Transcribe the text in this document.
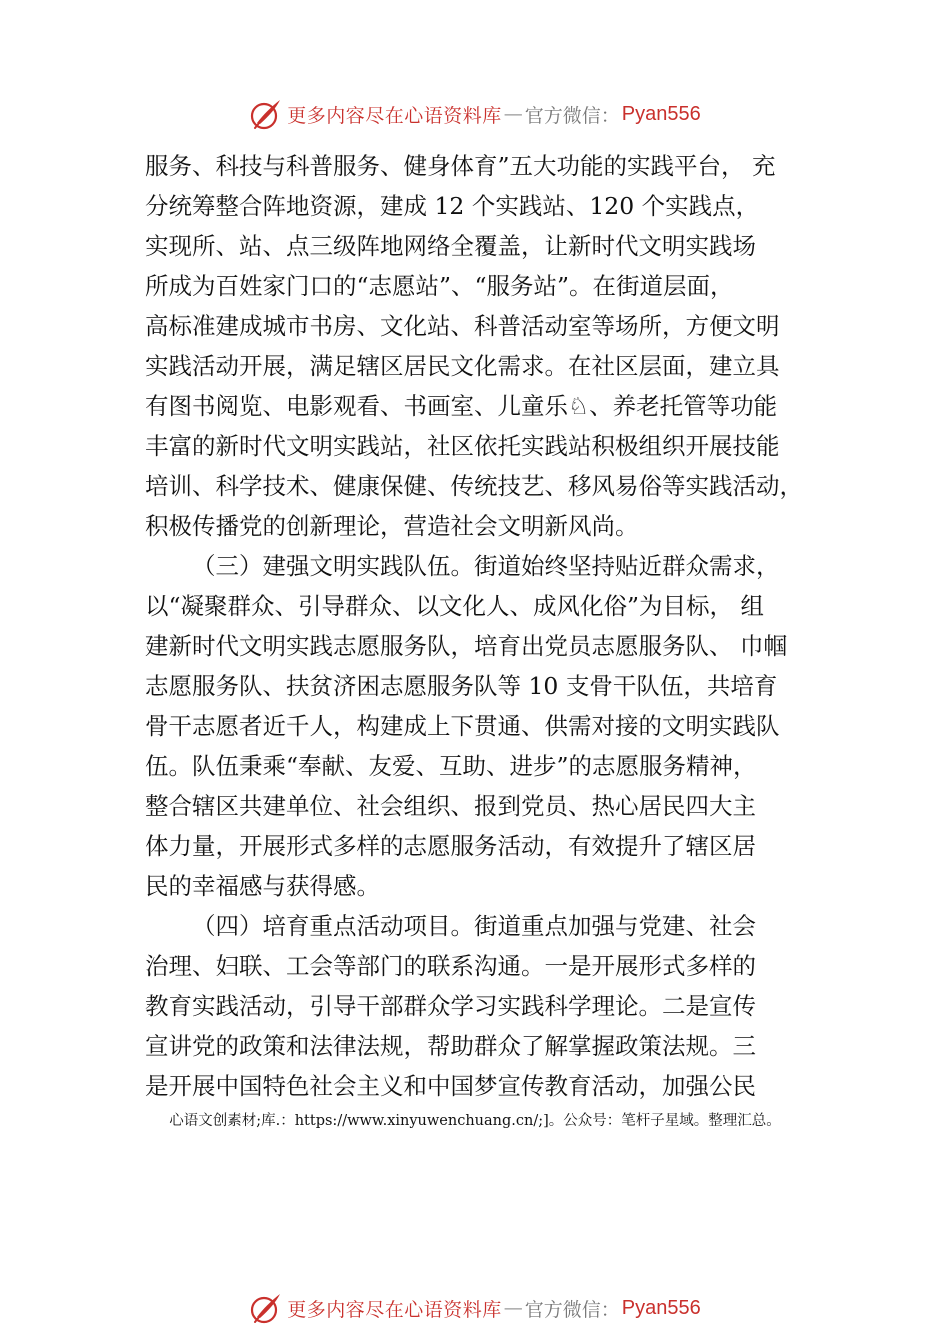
更多内容尽在心语资料库 — 官方微信： Pyan556
服务、科技与科普服务、健身体育”五大功能的实践平台， 充
分统筹整合阵地资源，建成 12 个实践站、120 个实践点，
实现所、站、点三级阵地网络全覆盖，让新时代文明实践场
所成为百姓家门口的“志愿站”、“服务站”。在街道层面，
高标准建成城市书房、文化站、科普活动室等场所，方便文明
实践活动开展，满足辖区居民文化需求。在社区层面，建立具
有图书阅览、电影观看、书画室、儿童乐♘、养老托管等功能
丰富的新时代文明实践站，社区依托实践站积极组织开展技能
培训、科学技术、健康保健、传统技艺、移风易俗等实践活动，
积极传播党的创新理论，营造社会文明新风尚。
（三）建强文明实践队伍。街道始终坚持贴近群众需求，
以“凝聚群众、引导群众、以文化人、成风化俗”为目标， 组
建新时代文明实践志愿服务队，培育出党员志愿服务队、 巾帼
志愿服务队、扶贫济困志愿服务队等 10 支骨干队伍，共培育
骨干志愿者近千人，构建成上下贯通、供需对接的文明实践队
伍。队伍秉乘“奉献、友爱、互助、进步”的志愿服务精神，
整合辖区共建单位、社会组织、报到党员、热心居民四大主
体力量，开展形式多样的志愿服务活动，有效提升了辖区居
民的幸福感与获得感。
（四）培育重点活动项目。街道重点加强与党建、社会
治理、妇联、工会等部门的联系沟通。一是开展形式多样的
教育实践活动，引导干部群众学习实践科学理论。二是宣传
宣讲党的政策和法律法规，帮助群众了解掌握政策法规。三
是开展中国特色社会主义和中国梦宣传教育活动，加强公民
心语文创素材;库.：https://www.xinyuwenchuang.cn/;]。公众号：笔杆子星域。整理汇总。
更多内容尽在心语资料库 — 官方微信： Pyan556
